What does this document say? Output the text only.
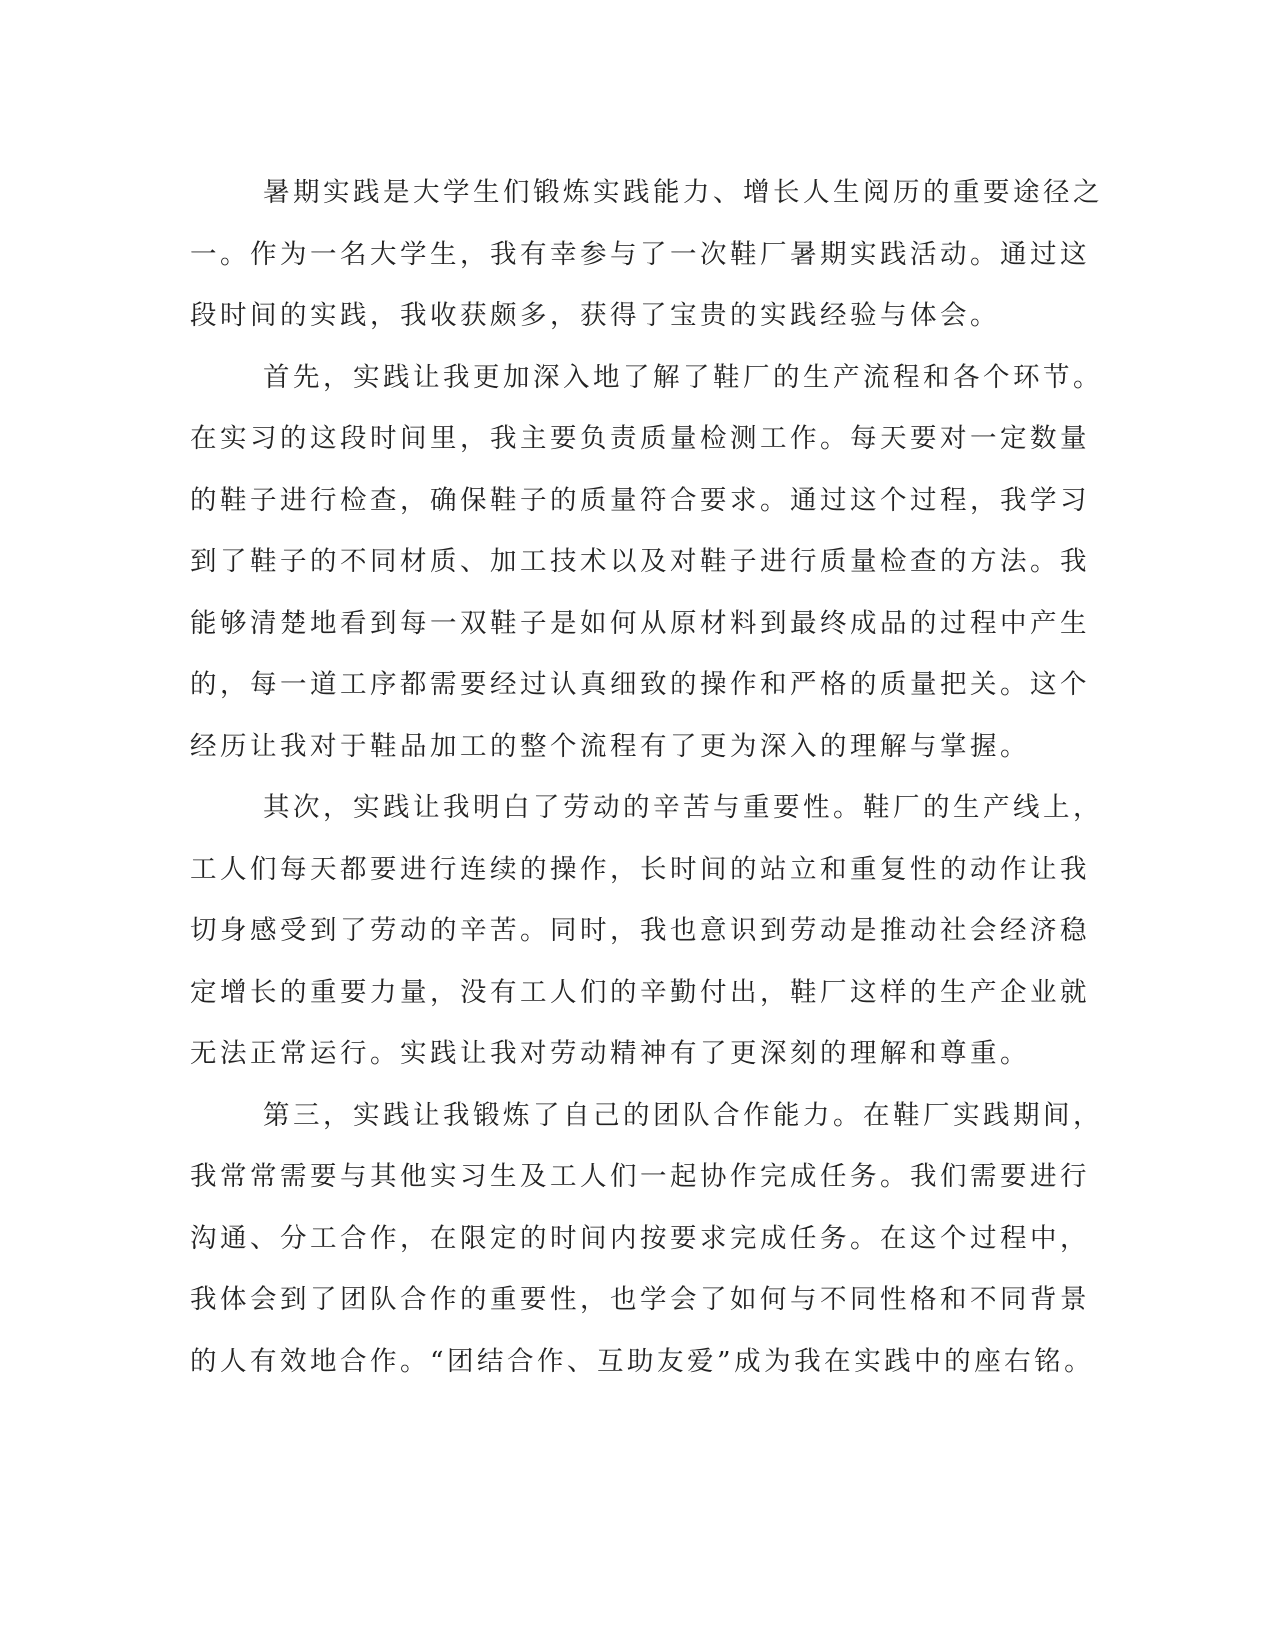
暑期实践是大学生们锻炼实践能力、增长人生阅历的重要途径之
一。作为一名大学生，我有幸参与了一次鞋厂暑期实践活动。通过这
段时间的实践，我收获颇多，获得了宝贵的实践经验与体会。
首先，实践让我更加深入地了解了鞋厂的生产流程和各个环节。
在实习的这段时间里，我主要负责质量检测工作。每天要对一定数量
的鞋子进行检查，确保鞋子的质量符合要求。通过这个过程，我学习
到了鞋子的不同材质、加工技术以及对鞋子进行质量检查的方法。我
能够清楚地看到每一双鞋子是如何从原材料到最终成品的过程中产生
的，每一道工序都需要经过认真细致的操作和严格的质量把关。这个
经历让我对于鞋品加工的整个流程有了更为深入的理解与掌握。
其次，实践让我明白了劳动的辛苦与重要性。鞋厂的生产线上，
工人们每天都要进行连续的操作，长时间的站立和重复性的动作让我
切身感受到了劳动的辛苦。同时，我也意识到劳动是推动社会经济稳
定增长的重要力量，没有工人们的辛勤付出，鞋厂这样的生产企业就
无法正常运行。实践让我对劳动精神有了更深刻的理解和尊重。
第三，实践让我锻炼了自己的团队合作能力。在鞋厂实践期间，
我常常需要与其他实习生及工人们一起协作完成任务。我们需要进行
沟通、分工合作，在限定的时间内按要求完成任务。在这个过程中，
我体会到了团队合作的重要性，也学会了如何与不同性格和不同背景
的人有效地合作。“团结合作、互助友爱”成为我在实践中的座右铭。
